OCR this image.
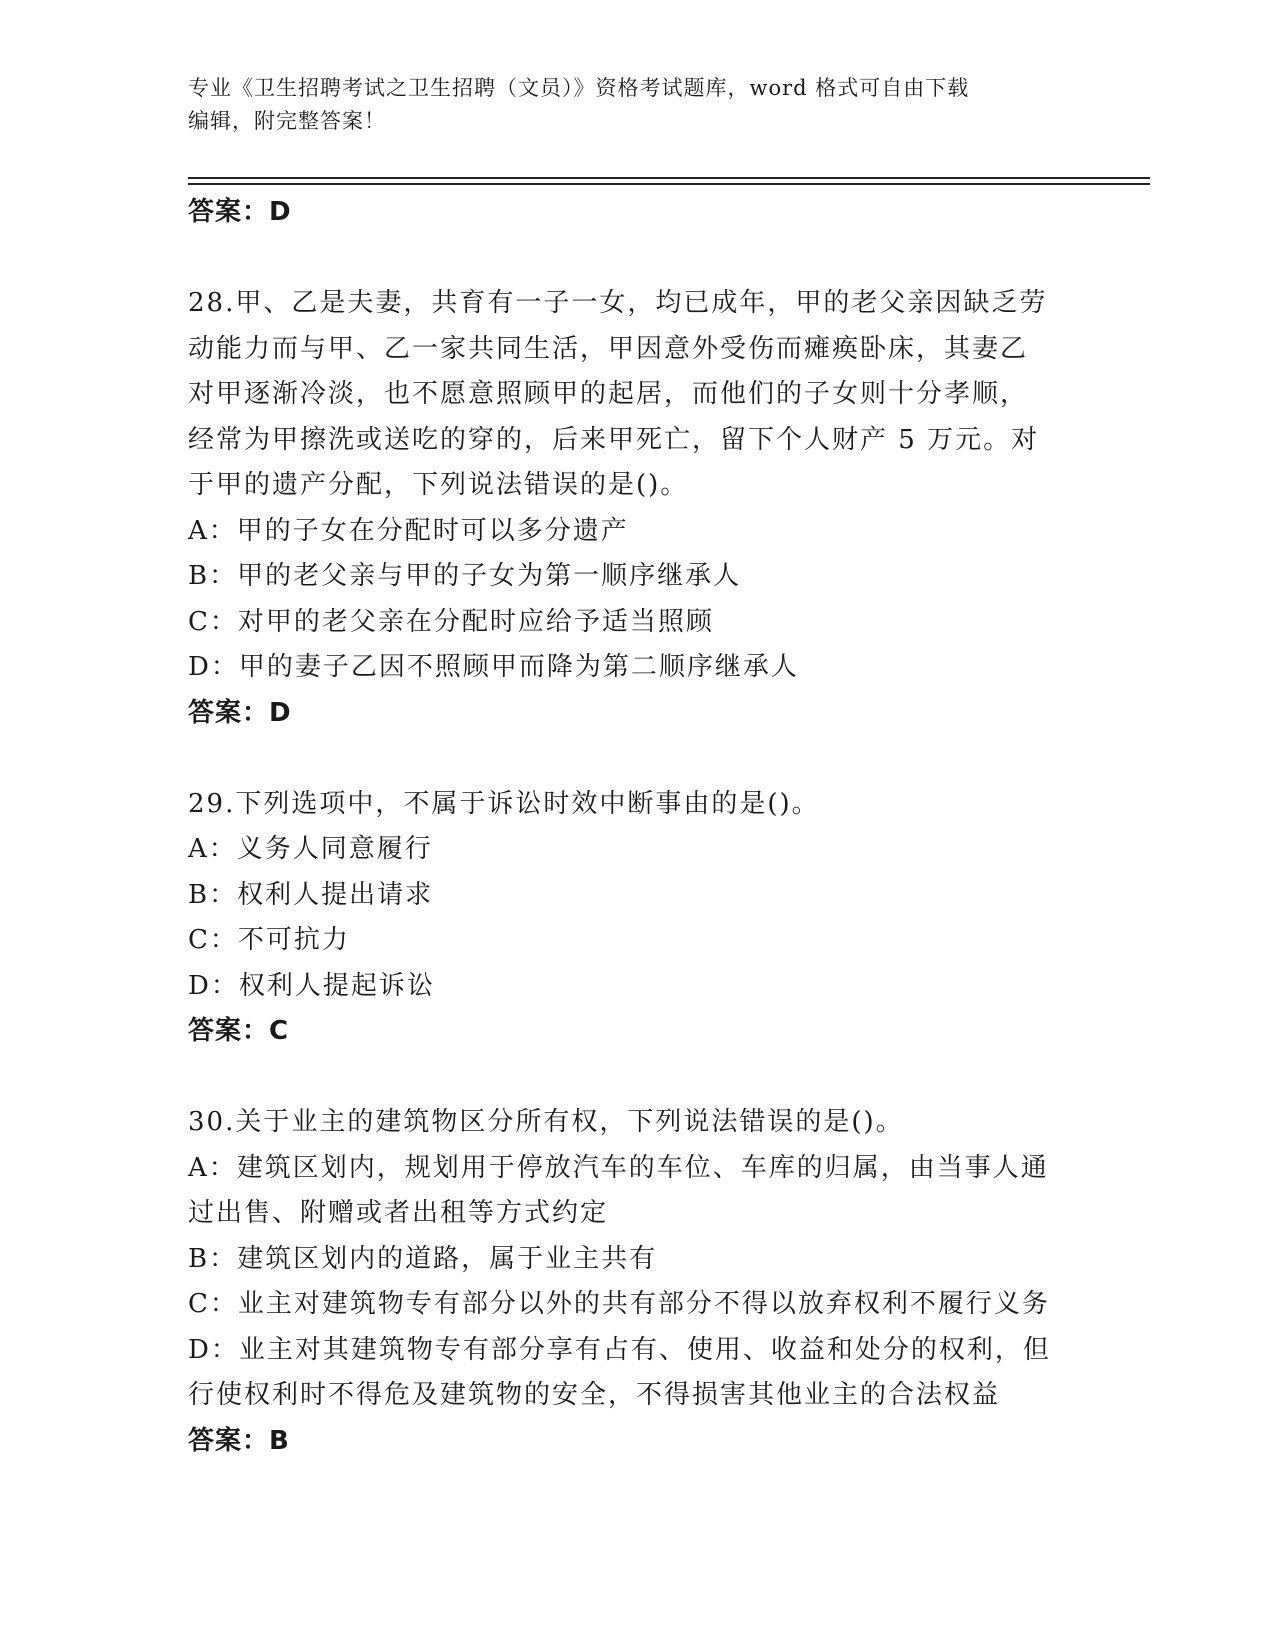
专业《卫生招聘考试之卫生招聘（文员）》资格考试题库，word 格式可自由下载
编辑，附完整答案！
答案：D
28.甲、乙是夫妻，共育有一子一女，均已成年，甲的老父亲因缺乏劳
动能力而与甲、乙一家共同生活，甲因意外受伤而瘫痪卧床，其妻乙
对甲逐渐冷淡，也不愿意照顾甲的起居，而他们的子女则十分孝顺，
经常为甲擦洗或送吃的穿的，后来甲死亡，留下个人财产 5 万元。对
于甲的遗产分配，下列说法错误的是()。
A：甲的子女在分配时可以多分遗产
B：甲的老父亲与甲的子女为第一顺序继承人
C：对甲的老父亲在分配时应给予适当照顾
D：甲的妻子乙因不照顾甲而降为第二顺序继承人
答案：D
29.下列选项中，不属于诉讼时效中断事由的是()。
A：义务人同意履行
B：权利人提出请求
C：不可抗力
D：权利人提起诉讼
答案：C
30.关于业主的建筑物区分所有权，下列说法错误的是()。
A：建筑区划内，规划用于停放汽车的车位、车库的归属，由当事人通
过出售、附赠或者出租等方式约定
B：建筑区划内的道路，属于业主共有
C：业主对建筑物专有部分以外的共有部分不得以放弃权利不履行义务
D：业主对其建筑物专有部分享有占有、使用、收益和处分的权利，但
行使权利时不得危及建筑物的安全，不得损害其他业主的合法权益
答案：B
